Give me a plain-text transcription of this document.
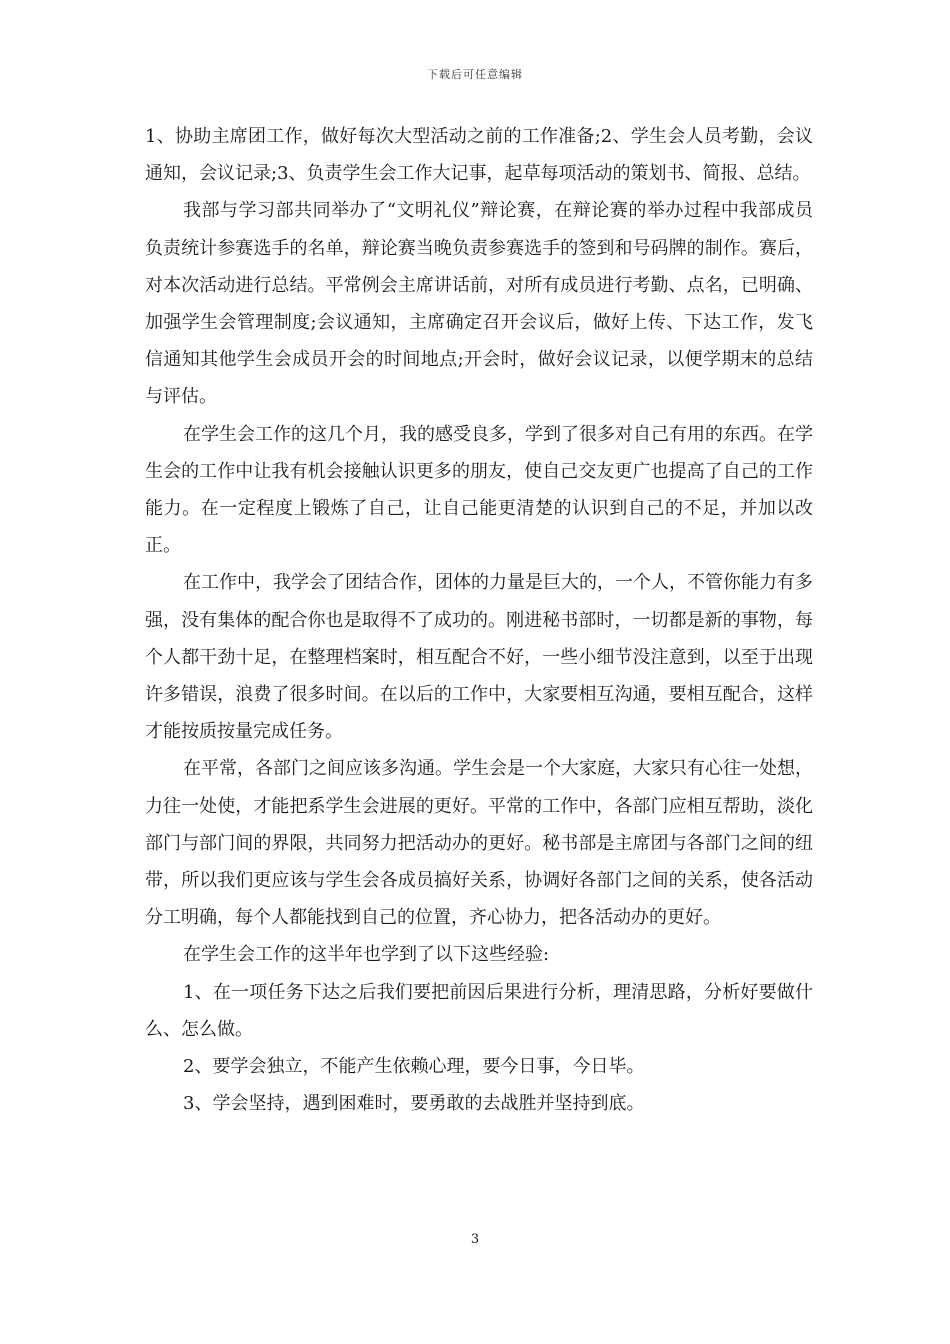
下载后可任意编辑

1、协助主席团工作，做好每次大型活动之前的工作准备;2、学生会人员考勤，会议通知，会议记录;3、负责学生会工作大记事，起草每项活动的策划书、简报、总结。

我部与学习部共同举办了“文明礼仪”辩论赛，在辩论赛的举办过程中我部成员负责统计参赛选手的名单，辩论赛当晚负责参赛选手的签到和号码牌的制作。赛后，对本次活动进行总结。平常例会主席讲话前，对所有成员进行考勤、点名，已明确、加强学生会管理制度;会议通知，主席确定召开会议后，做好上传、下达工作，发飞信通知其他学生会成员开会的时间地点;开会时，做好会议记录，以便学期末的总结与评估。

在学生会工作的这几个月，我的感受良多，学到了很多对自己有用的东西。在学生会的工作中让我有机会接触认识更多的朋友，使自己交友更广也提高了自己的工作能力。在一定程度上锻炼了自己，让自己能更清楚的认识到自己的不足，并加以改正。

在工作中，我学会了团结合作，团体的力量是巨大的，一个人，不管你能力有多强，没有集体的配合你也是取得不了成功的。刚进秘书部时，一切都是新的事物，每个人都干劲十足，在整理档案时，相互配合不好，一些小细节没注意到，以至于出现许多错误，浪费了很多时间。在以后的工作中，大家要相互沟通，要相互配合，这样才能按质按量完成任务。

在平常，各部门之间应该多沟通。学生会是一个大家庭，大家只有心往一处想，力往一处使，才能把系学生会进展的更好。平常的工作中，各部门应相互帮助，淡化部门与部门间的界限，共同努力把活动办的更好。秘书部是主席团与各部门之间的纽带，所以我们更应该与学生会各成员搞好关系，协调好各部门之间的关系，使各活动分工明确，每个人都能找到自己的位置，齐心协力，把各活动办的更好。

在学生会工作的这半年也学到了以下这些经验:

1、在一项任务下达之后我们要把前因后果进行分析，理清思路，分析好要做什么、怎么做。

2、要学会独立，不能产生依赖心理，要今日事，今日毕。

3、学会坚持，遇到困难时，要勇敢的去战胜并坚持到底。

3
